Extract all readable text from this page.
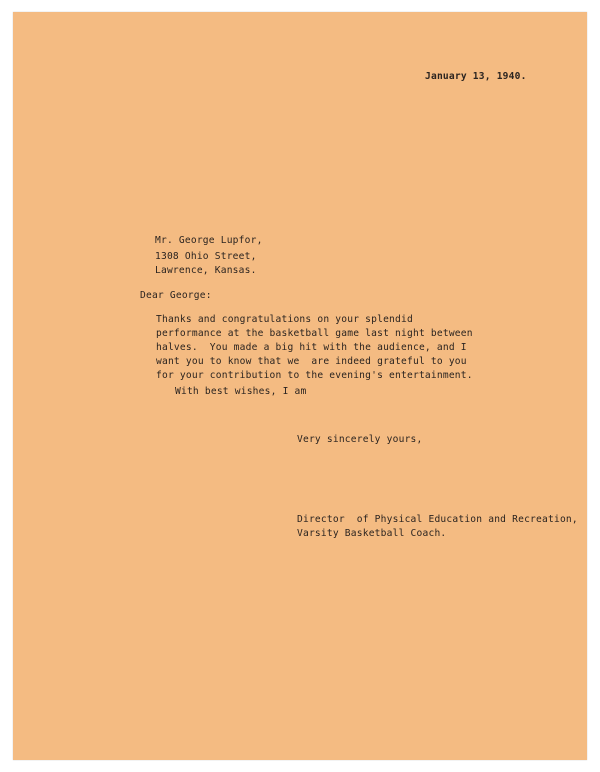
January 13, 1940.
Mr. George Lupfor,
1308 Ohio Street,
Lawrence, Kansas.
Dear George:
Thanks and congratulations on your splendid
performance at the basketball game last night between
halves.  You made a big hit with the audience, and I
want you to know that we  are indeed grateful to you
for your contribution to the evening's entertainment.
With best wishes, I am
Very sincerely yours,
Director  of Physical Education and Recreation,
Varsity Basketball Coach.
